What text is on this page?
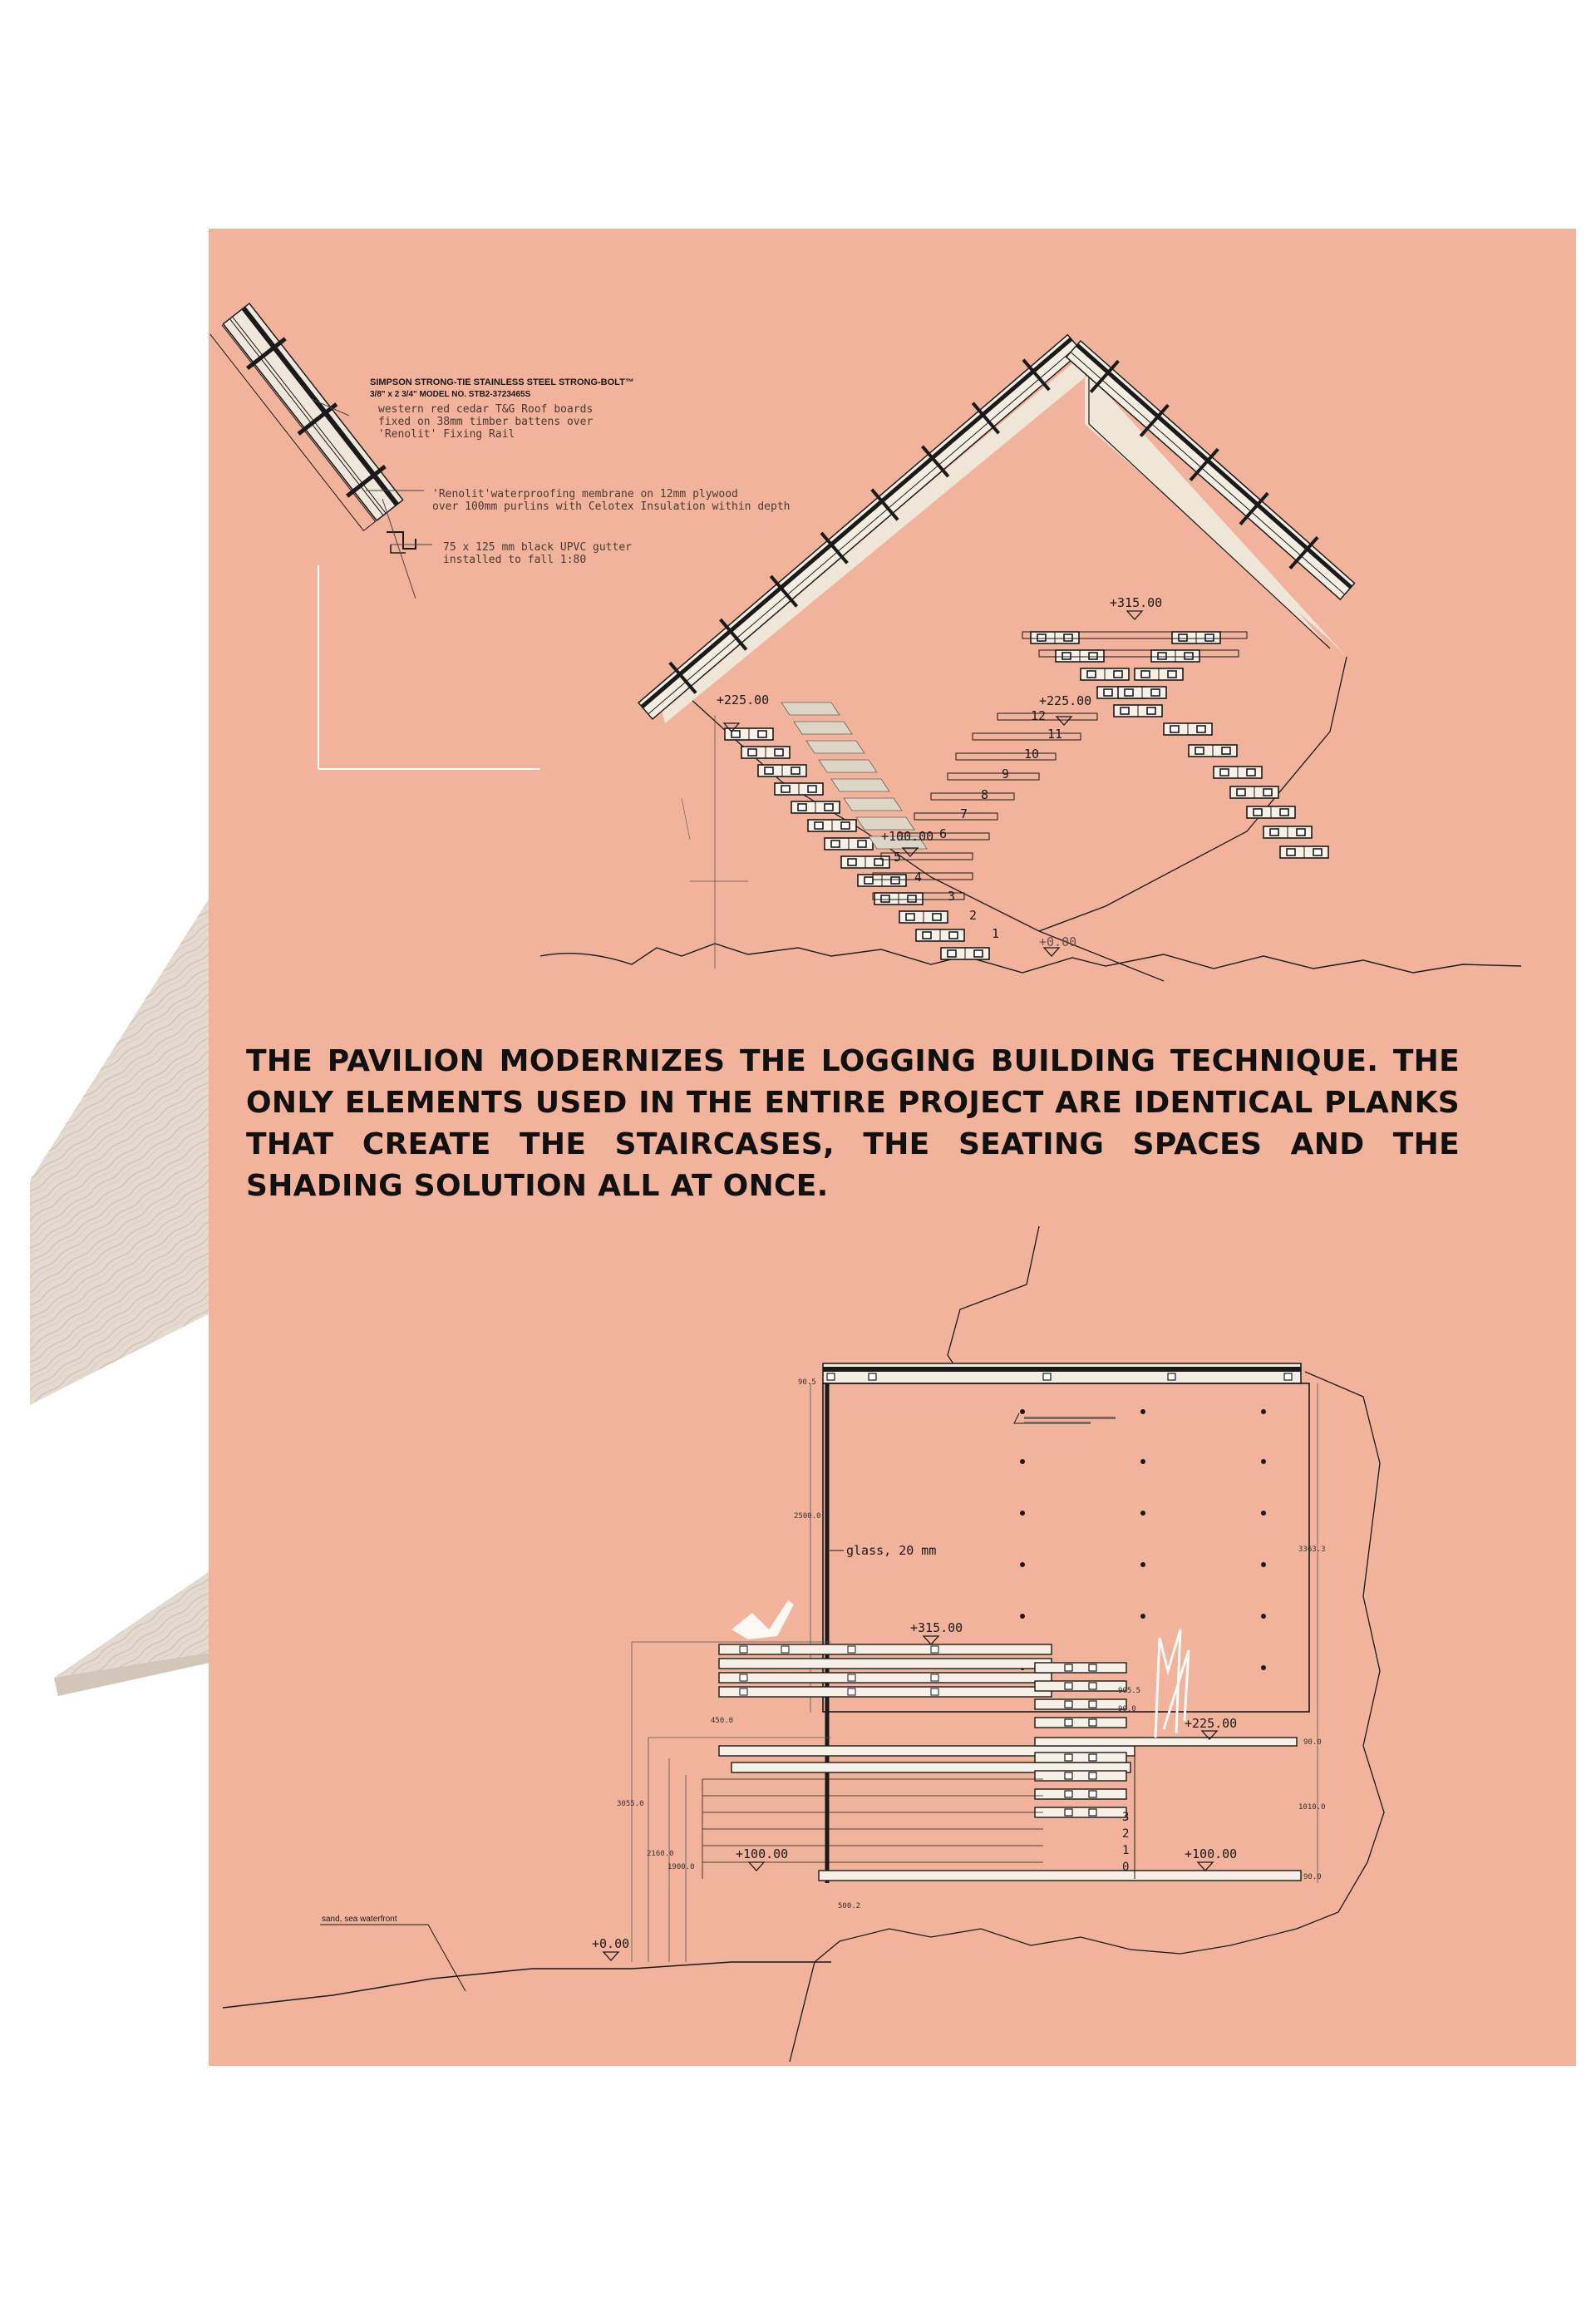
SIMPSON STRONG-TIE STAINLESS STEEL STRONG-BOLT™
3/8" x 2 3/4" MODEL NO. STB2-3723465S
western red cedar T&G Roof boards
fixed on 38mm timber battens over
'Renolit' Fixing Rail
'Renolit'waterproofing membrane on 12mm plywood
over 100mm purlins with Celotex Insulation within depth
75 x 125 mm black UPVC gutter
installed to fall 1:80
+315.00
+225.00	+225.00
+100.00
+0.00
1
2
3
4
5
6
7
8
9
10
11
12
glass, 20 mm
+315.00
+225.00
+100.00	+100.00
+0.00
0
1
2
3
2500.0
3363.3
3055.0
2160.0
1900.0
450.0
905.5
1010.0
500.2
90.0
90.0
90.0
90.5
sand, sea waterfront

THE PAVILION MODERNIZES THE LOGGING BUILDING TECHNIQUE. THE ONLY ELEMENTS USED IN THE ENTIRE PROJECT ARE IDENTICAL PLANKS THAT CREATE THE STAIRCASES, THE SEATING SPACES AND THE SHADING SOLUTION ALL AT ONCE.
